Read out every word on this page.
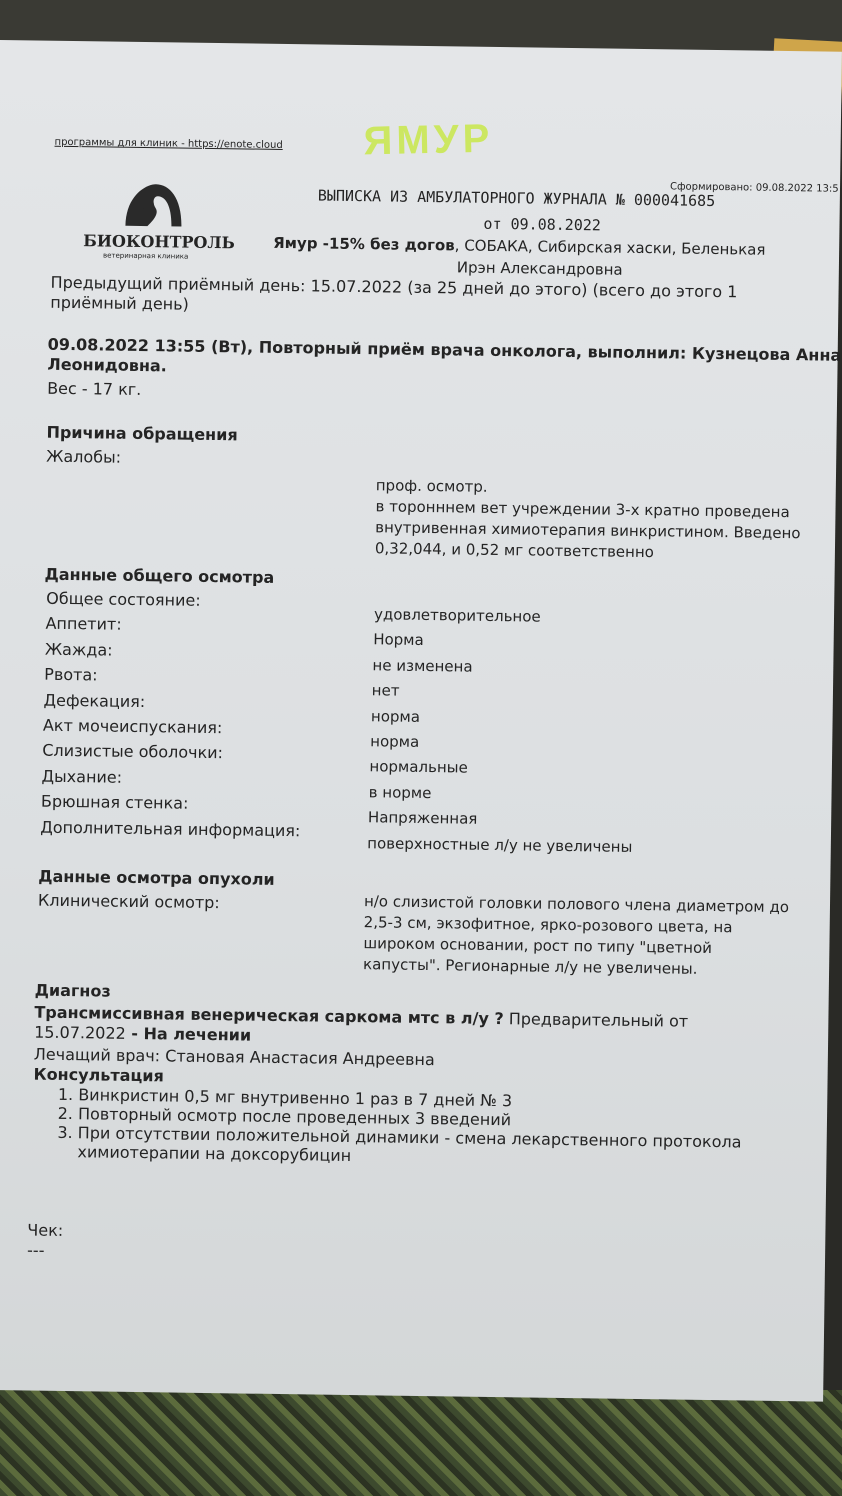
ЯМУР
программы для клиник - https://enote.cloud
Сформировано: 09.08.2022 13:5
БИОКОНТРОЛЬ
ветеринарная клиника
ВЫПИСКА ИЗ АМБУЛАТОРНОГО ЖУРНАЛА № 000041685
от 09.08.2022
Ямур -15% без догов, СОБАКА, Сибирская хаски, Беленькая
Ирэн Александровна
Предыдущий приёмный день: 15.07.2022 (за 25 дней до этого) (всего до этого 1 приёмный день)
09.08.2022 13:55 (Вт), Повторный приём врача онколога, выполнил: Кузнецова Анна Леонидовна.
Вес - 17 кг.
Причина обращения
Жалобы:
проф. осмотр.
в торонннем вет учреждении 3-х кратно проведена внутривенная химиотерапия винкристином. Введено 0,32,044, и 0,52 мг соответственно
Данные общего осмотра
Общее состояние:
удовлетворительное
Аппетит:
Норма
Жажда:
не изменена
Рвота:
нет
Дефекация:
норма
Акт мочеиспускания:
норма
Слизистые оболочки:
нормальные
Дыхание:
в норме
Брюшная стенка:
Напряженная
Дополнительная информация:
поверхностные л/у не увеличены
Данные осмотра опухоли
Клинический осмотр:	н/о слизистой головки полового члена диаметром до 2,5-3 см, экзофитное, ярко-розового цвета, на широком основании, рост по типу "цветной капусты". Регионарные л/у не увеличены.
Диагноз
Трансмиссивная венерическая саркома мтс в л/у ? Предварительный от 15.07.2022 - На лечении
Лечащий врач: Становая Анастасия Андреевна
Консультация
1. Винкристин 0,5 мг внутривенно 1 раз в 7 дней № 3
2. Повторный осмотр после проведенных 3 введений
3. При отсутствии положительной динамики - смена лекарственного протокола химиотерапии на доксорубицин
Чек:
---
